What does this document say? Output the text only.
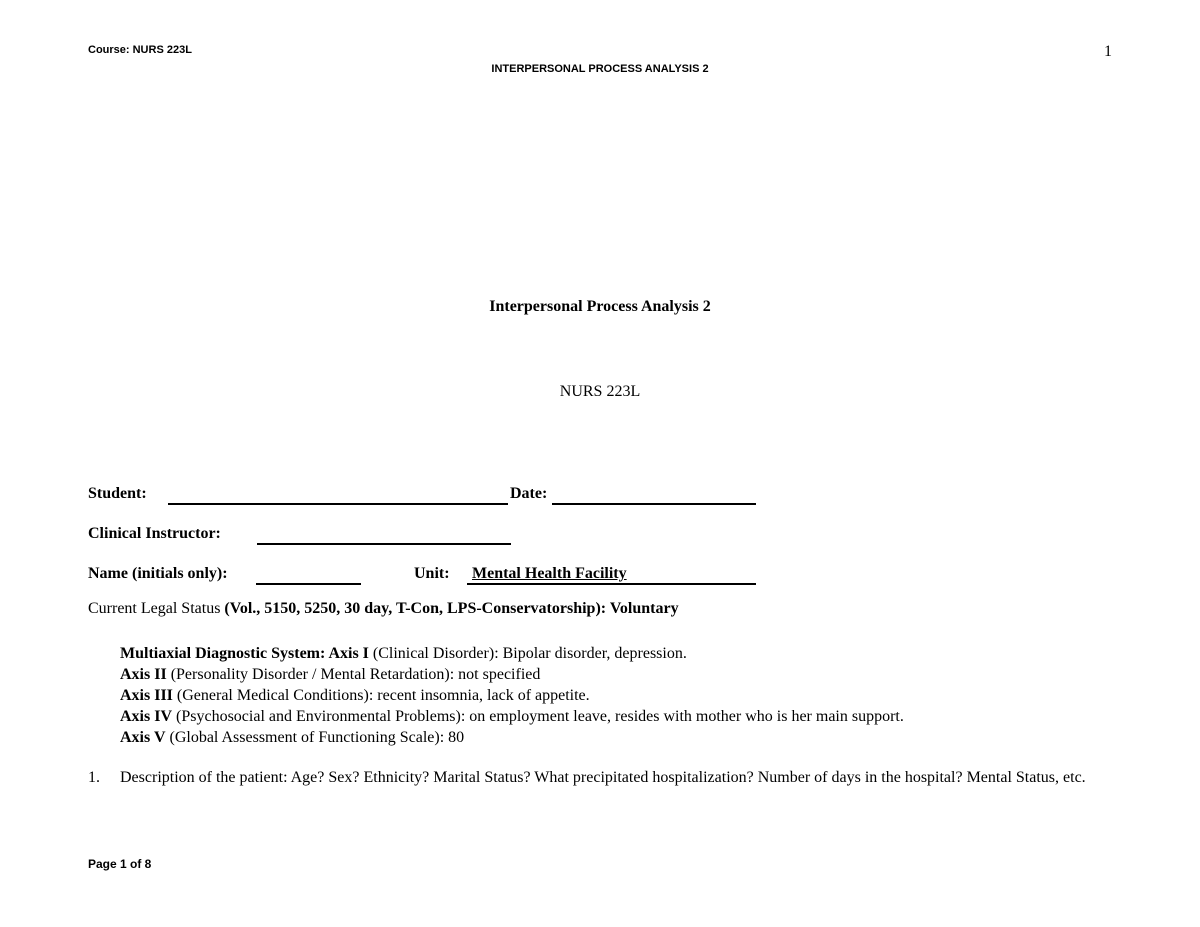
Course: NURS 223L
INTERPERSONAL PROCESS ANALYSIS 2
1
Interpersonal Process Analysis 2
NURS 223L
Student:	Date:
Clinical Instructor:
Name (initials only):	Unit: Mental Health Facility
Current Legal Status (Vol., 5150, 5250, 30 day, T-Con, LPS-Conservatorship): Voluntary
Multiaxial Diagnostic System: Axis I (Clinical Disorder): Bipolar disorder, depression.
Axis II (Personality Disorder / Mental Retardation): not specified
Axis III (General Medical Conditions): recent insomnia, lack of appetite.
Axis IV (Psychosocial and Environmental Problems): on employment leave, resides with mother who is her main support.
Axis V (Global Assessment of Functioning Scale): 80
1. Description of the patient: Age? Sex? Ethnicity? Marital Status? What precipitated hospitalization? Number of days in the hospital? Mental Status, etc.
Page 1 of 8
